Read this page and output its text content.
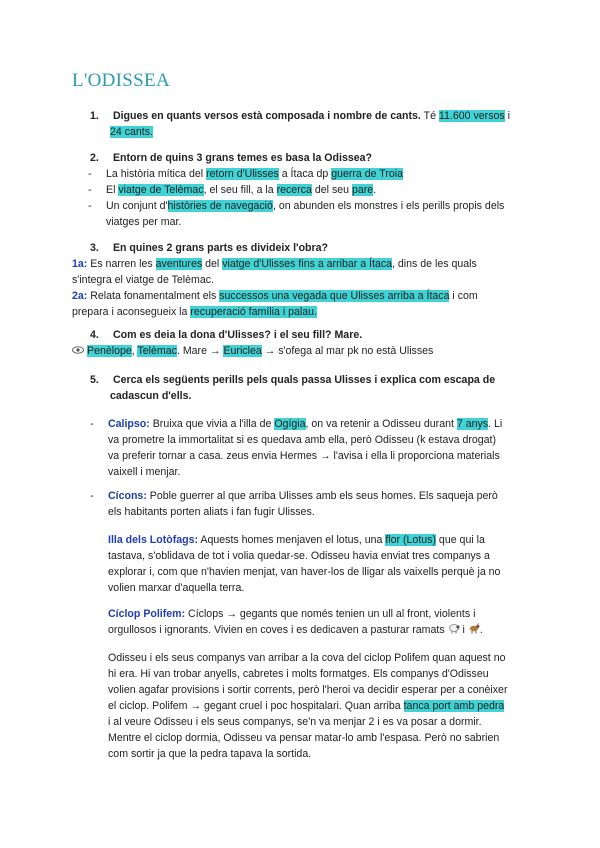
L'ODISSEA

1. Digues en quants versos està composada i nombre de cants. Té 11.600 versos i

24 cants.

2. Entorn de quins 3 grans temes es basa la Odissea?

- La història mítica del retorn d'Ulisses a Ítaca dp guerra de Troia

- El viatge de Telèmac, el seu fill, a la recerca del seu pare.

- Un conjunt d'històries de navegació, on abunden els monstres i els perills propis dels

viatges per mar.

3. En quines 2 grans parts es divideix l'obra?

1a: Es narren les aventures del viatge d'Ulisses fins a arribar a Ítaca, dins de les quals

s'integra el viatge de Telèmac.

2a: Relata fonamentalment els successos una vegada que Ulisses arriba a Ítaca i com

prepara i aconsegueix la recuperació família i palau.

4. Com es deia la dona d'Ulisses? i el seu fill? Mare.

Penèlope, Telèmac. Mare → Euriclea → s'ofega al mar pk no està Ulisses

5. Cerca els següents perills pels quals passa Ulisses i explica com escapa de

cadascun d'ells.

- Calipso: Bruixa que vivia a l'illa de Ogígia, on va retenir a Odisseu durant 7 anys. Li

va prometre la immortalitat si es quedava amb ella, però Odisseu (k estava drogat)

va preferir tornar a casa. zeus envia Hermes → l'avisa i ella li proporciona materials

vaixell i menjar.

- Cícons: Poble guerrer al que arriba Ulisses amb els seus homes. Els saqueja però

els habitants porten aliats i fan fugir Ulisses.

Illa dels Lotòfags: Aquests homes menjaven el lotus, una flor (Lotus) que qui la

tastava, s'oblidava de tot i volia quedar-se. Odisseu havia enviat tres companys a

explorar i, com que n'havien menjat, van haver-los de lligar als vaixells perquè ja no

volien marxar d'aquella terra.

Cíclop Polifem: Cíclops → gegants que només tenien un ull al front, violents i

orgullosos i ignorants. Vivien en coves i es dedicaven a pasturar ramats  i .

Odisseu i els seus companys van arribar a la cova del ciclop Polifem quan aquest no

hi era. Hi van trobar anyells, cabretes i molts formatges. Els companys d'Odisseu

volien agafar provisions i sortir corrents, però l'heroi va decidir esperar per a conèixer

el ciclop. Polifem → gegant cruel i poc hospitalari. Quan arriba tanca port amb pedra

i al veure Odisseu i els seus companys, se'n va menjar 2 i es va posar a dormir.

Mentre el ciclop dormia, Odisseu va pensar matar-lo amb l'espasa. Però no sabrien

com sortir ja que la pedra tapava la sortida.
